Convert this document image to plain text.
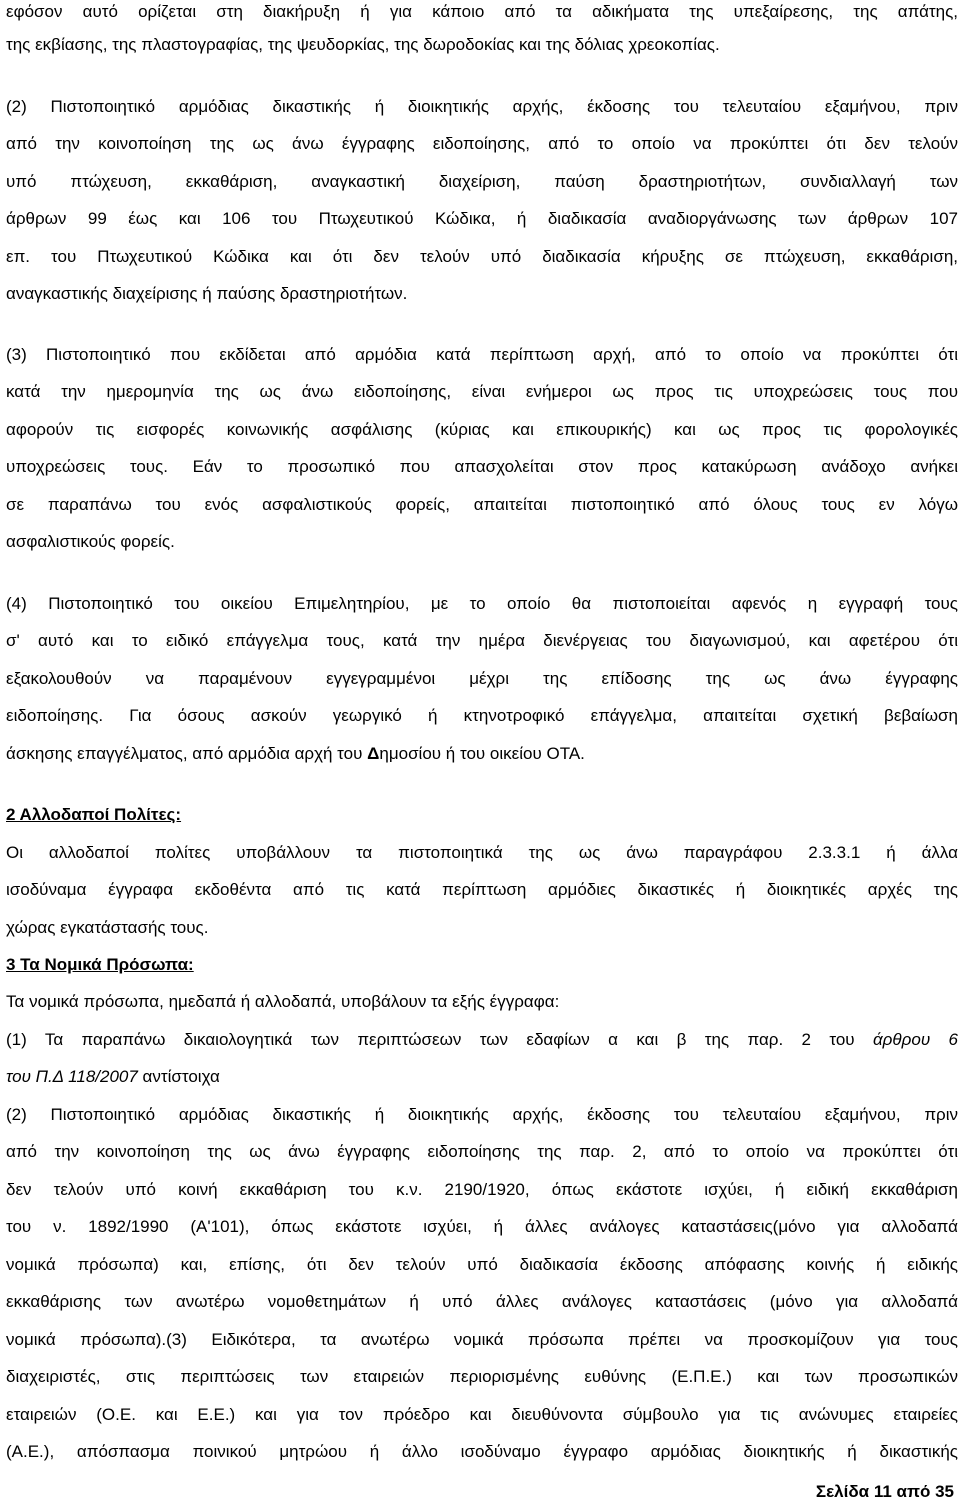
εφόσον αυτό ορίζεται στη διακήρυξη ή για κάποιο από τα αδικήματα της υπεξαίρεσης, της απάτης,
της εκβίασης, της πλαστογραφίας, της ψευδορκίας, της δωροδοκίας και της δόλιας χρεοκοπίας.
(2) Πιστοποιητικό αρμόδιας δικαστικής ή διοικητικής αρχής, έκδοσης του τελευταίου εξαμήνου, πριν
από την κοινοποίηση της ως άνω έγγραφης ειδοποίησης, από το οποίο να προκύπτει ότι δεν τελούν
υπό πτώχευση, εκκαθάριση, αναγκαστική διαχείριση, παύση δραστηριοτήτων, συνδιαλλαγή των
άρθρων 99 έως και 106 του Πτωχευτικού Κώδικα, ή διαδικασία αναδιοργάνωσης των άρθρων 107
επ. του Πτωχευτικού Κώδικα και ότι δεν τελούν υπό διαδικασία κήρυξης σε πτώχευση, εκκαθάριση,
αναγκαστικής διαχείρισης ή παύσης δραστηριοτήτων.
(3) Πιστοποιητικό που εκδίδεται από αρμόδια κατά περίπτωση αρχή, από το οποίο να προκύπτει ότι
κατά την ημερομηνία της ως άνω ειδοποίησης, είναι ενήμεροι ως προς τις υποχρεώσεις τους που
αφορούν τις εισφορές κοινωνικής ασφάλισης (κύριας και επικουρικής) και ως προς τις φορολογικές
υποχρεώσεις τους. Εάν το προσωπικό που απασχολείται στον προς κατακύρωση ανάδοχο ανήκει
σε παραπάνω του ενός ασφαλιστικούς φορείς, απαιτείται πιστοποιητικό από όλους τους εν λόγω
ασφαλιστικούς φορείς.
(4) Πιστοποιητικό του οικείου Επιμελητηρίου, με το οποίο θα πιστοποιείται αφενός η εγγραφή τους
σ' αυτό και το ειδικό επάγγελμα τους, κατά την ημέρα διενέργειας του διαγωνισμού, και αφετέρου ότι
εξακολουθούν να παραμένουν εγγεγραμμένοι μέχρι της επίδοσης της ως άνω έγγραφης
ειδοποίησης. Για όσους ασκούν γεωργικό ή κτηνοτροφικό επάγγελμα, απαιτείται σχετική βεβαίωση
άσκησης επαγγέλματος, από αρμόδια αρχή του Δημοσίου ή του οικείου ΟΤΑ.
2 Αλλοδαποί Πολίτες:
Οι αλλοδαποί πολίτες υποβάλλουν τα πιστοποιητικά της ως άνω παραγράφου 2.3.3.1 ή άλλα
ισοδύναμα έγγραφα εκδοθέντα από τις κατά περίπτωση αρμόδιες δικαστικές ή διοικητικές αρχές της
χώρας εγκατάστασής τους.
3 Τα Νομικά Πρόσωπα:
Τα νομικά πρόσωπα, ημεδαπά ή αλλοδαπά, υποβάλουν τα εξής έγγραφα:
(1) Τα παραπάνω δικαιολογητικά των περιπτώσεων των εδαφίων α και β της παρ. 2 του άρθρου 6
του Π.Δ 118/2007 αντίστοιχα
(2) Πιστοποιητικό αρμόδιας δικαστικής ή διοικητικής αρχής, έκδοσης του τελευταίου εξαμήνου, πριν
από την κοινοποίηση της ως άνω έγγραφης ειδοποίησης της παρ. 2, από το οποίο να προκύπτει ότι
δεν τελούν υπό κοινή εκκαθάριση του κ.ν. 2190/1920, όπως εκάστοτε ισχύει, ή ειδική εκκαθάριση
του ν. 1892/1990 (Α'101), όπως εκάστοτε ισχύει, ή άλλες ανάλογες καταστάσεις(μόνο για αλλοδαπά
νομικά πρόσωπα) και, επίσης, ότι δεν τελούν υπό διαδικασία έκδοσης απόφασης κοινής ή ειδικής
εκκαθάρισης των ανωτέρω νομοθετημάτων ή υπό άλλες ανάλογες καταστάσεις (μόνο για αλλοδαπά
νομικά πρόσωπα).(3) Ειδικότερα, τα ανωτέρω νομικά πρόσωπα πρέπει να προσκομίζουν για τους
διαχειριστές, στις περιπτώσεις των εταιρειών περιορισμένης ευθύνης (Ε.Π.Ε.) και των προσωπικών
εταιρειών (Ο.Ε. και Ε.Ε.) και για τον πρόεδρο και διευθύνοντα σύμβουλο για τις ανώνυμες εταιρείες
(Α.Ε.), απόσπασμα ποινικού μητρώου ή άλλο ισοδύναμο έγγραφο αρμόδιας διοικητικής ή δικαστικής
Σελίδα 11 από 35
